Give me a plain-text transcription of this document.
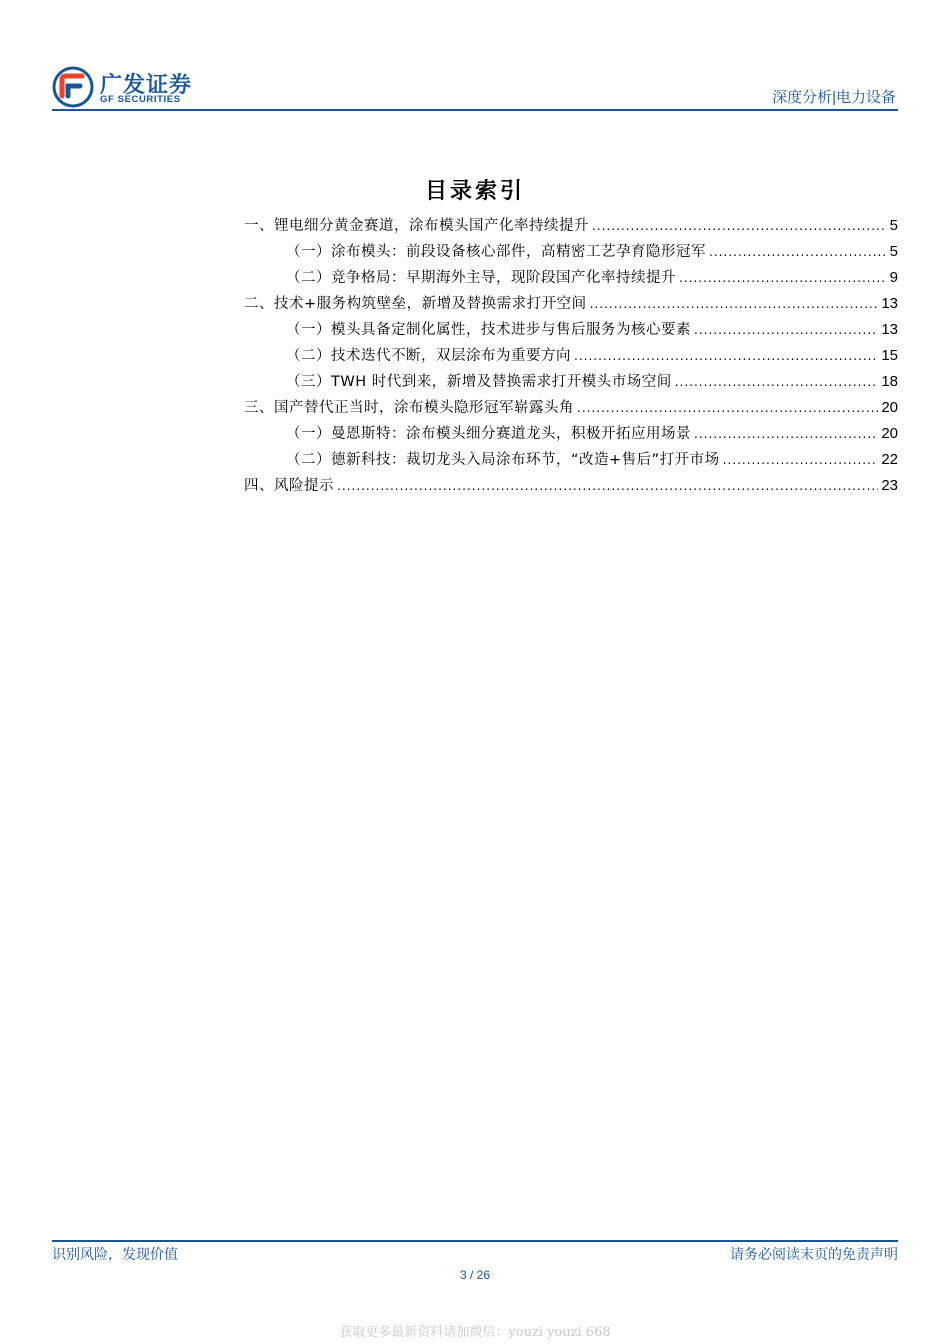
广发证券
GF SECURITIES	深度分析|电力设备
目录索引
一、锂电细分黄金赛道，涂布模头国产化率持续提升 .....	5
（一）涂布模头：前段设备核心部件，高精密工艺孕育隐形冠军 .....	5
（二）竞争格局：早期海外主导，现阶段国产化率持续提升 .....	9
二、技术+服务构筑壁垒，新增及替换需求打开空间 .....	13
（一）模头具备定制化属性，技术进步与售后服务为核心要素 .....	13
（二）技术迭代不断，双层涂布为重要方向 .....	15
（三）TWH 时代到来，新增及替换需求打开模头市场空间 .....	18
三、国产替代正当时，涂布模头隐形冠军崭露头角 .....	20
（一）曼恩斯特：涂布模头细分赛道龙头，积极开拓应用场景 .....	20
（二）德新科技：裁切龙头入局涂布环节，“改造+售后”打开市场 .....	22
四、风险提示 .....	23
识别风险，发现价值	请务必阅读末页的免责声明
3 / 26
获取更多最新资料请加微信：youzi youzi 668
